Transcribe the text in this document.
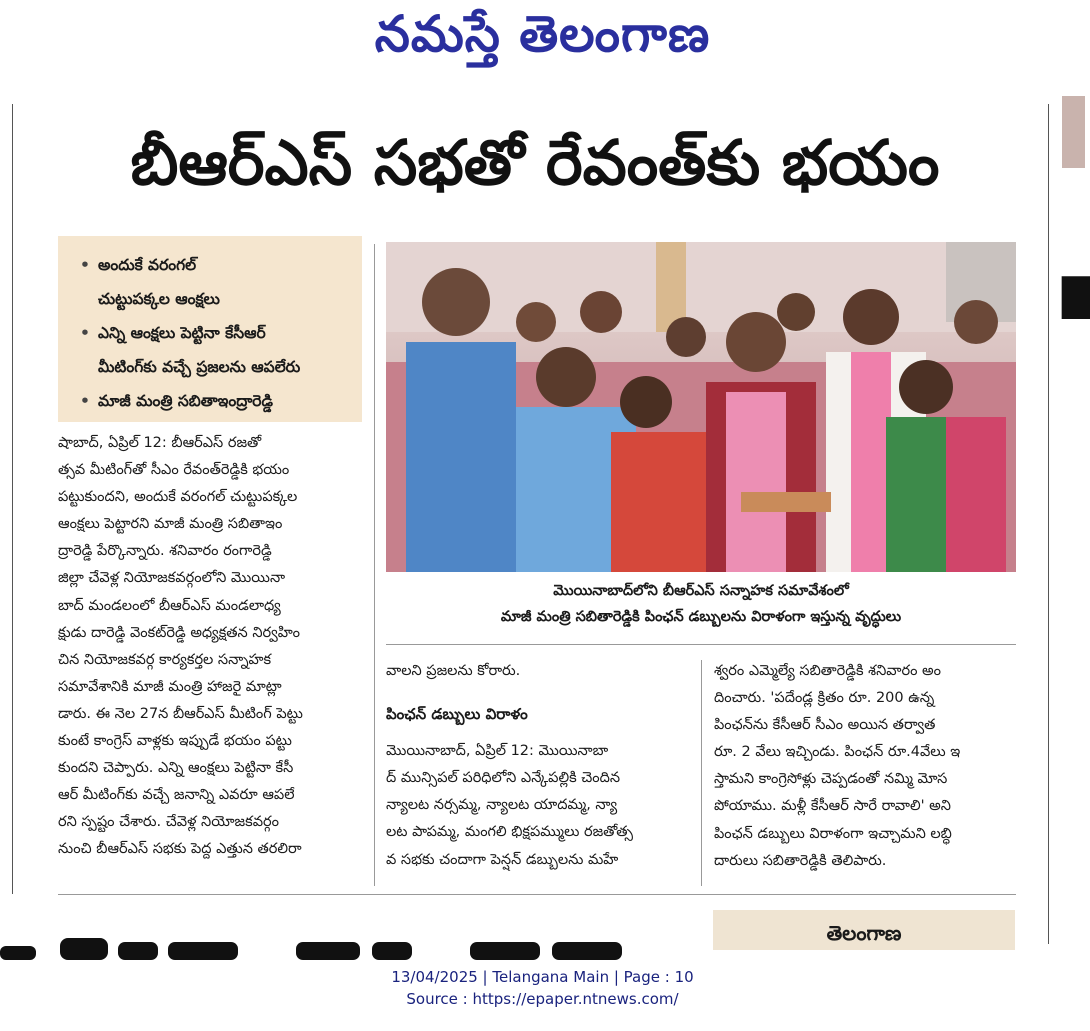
నమస్తే తెలంగాణ
బీఆర్‌ఎస్ సభతో రేవంత్‌కు భయం
• అందుకే వరంగల్
చుట్టుపక్కల ఆంక్షలు
• ఎన్ని ఆంక్షలు పెట్టినా కేసీఆర్
మీటింగ్‌కు వచ్చే ప్రజలను ఆపలేరు
• మాజీ మంత్రి సబితాఇంద్రారెడ్డి
షాబాద్, ఏప్రిల్ 12: బీఆర్‌ఎస్ రజతో
త్సవ మీటింగ్‌తో సీఎం రేవంత్‌రెడ్డికి భయం
పట్టుకుందని, అందుకే వరంగల్ చుట్టుపక్కల
ఆంక్షలు పెట్టారని మాజీ మంత్రి సబితాఇం
ద్రారెడ్డి పేర్కొన్నారు. శనివారం రంగారెడ్డి
జిల్లా చేవెళ్ల నియోజకవర్గంలోని మొయినా
బాద్ మండలంలో బీఆర్‌ఎస్ మండలాధ్య
క్షుడు దారెడ్డి వెంకట్‌రెడ్డి అధ్యక్షతన నిర్వహిం
చిన నియోజకవర్గ కార్యకర్తల సన్నాహక
సమావేశానికి మాజీ మంత్రి హాజరై మాట్లా
డారు. ఈ నెల 27న బీఆర్‌ఎస్ మీటింగ్ పెట్టు
కుంటే కాంగ్రెస్ వాళ్లకు ఇప్పుడే భయం పట్టు
కుందని చెప్పారు. ఎన్ని ఆంక్షలు పెట్టినా కేసీ
ఆర్ మీటింగ్‌కు వచ్చే జనాన్ని ఎవరూ ఆపలే
రని స్పష్టం చేశారు. చేవెళ్ల నియోజకవర్గం
నుంచి బీఆర్‌ఎస్ సభకు పెద్ద ఎత్తున తరలిరా
మొయినాబాద్‌లోని బీఆర్‌ఎస్ సన్నాహక సమావేశంలో
మాజీ మంత్రి సబితారెడ్డికి పింఛన్ డబ్బులను విరాళంగా ఇస్తున్న వృద్ధులు
వాలని ప్రజలను కోరారు.
పింఛన్ డబ్బులు విరాళం
మొయినాబాద్, ఏప్రిల్ 12: మొయినాబా
ద్ మున్సిపల్ పరిధిలోని ఎన్కేపల్లికి చెందిన
న్యాలట నర్సమ్మ, న్యాలట యాదమ్మ, న్యా
లట పాపమ్మ, మంగలి భిక్షపమ్ములు రజతోత్స
వ సభకు చందాగా పెన్షన్ డబ్బులను మహే
శ్వరం ఎమ్మెల్యే సబితారెడ్డికి శనివారం అం
దించారు. 'పదేండ్ల క్రితం రూ. 200 ఉన్న
పింఛన్‌ను కేసీఆర్ సీఎం అయిన తర్వాత
రూ. 2 వేలు ఇచ్చిండు. పింఛన్ రూ.4వేలు ఇ
స్తామని కాంగ్రెసోళ్లు చెప్పడంతో నమ్మి మోస
పోయాము. మళ్లీ కేసీఆర్ సారే రావాలి' అని
పింఛన్ డబ్బులు విరాళంగా ఇచ్చామని లబ్ధి
దారులు సబితారెడ్డికి తెలిపారు.
తెలంగాణ
█
13/04/2025 | Telangana Main | Page : 10
Source : https://epaper.ntnews.com/
